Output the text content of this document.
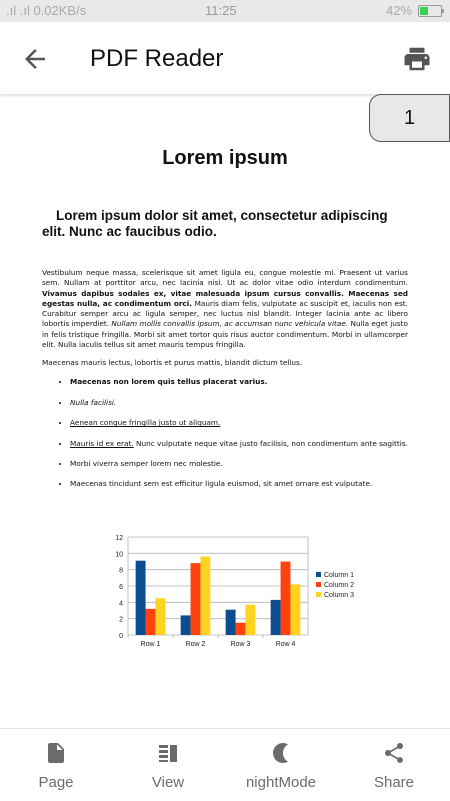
.ıl .ıl 0.02KB/s	11:25	42%
PDF Reader
1
Lorem ipsum
Lorem ipsum dolor sit amet, consectetur adipiscing elit. Nunc ac faucibus odio.
Vestibulum neque massa, scelerisque sit amet ligula eu, congue molestie mi. Praesent ut varius sem. Nullam at porttitor arcu, nec lacinia nisi. Ut ac dolor vitae odio interdum condimentum. Vivamus dapibus sodales ex, vitae malesuada ipsum cursus convallis. Maecenas sed egestas nulla, ac condimentum orci. Mauris diam felis, vulputate ac suscipit et, iaculis non est. Curabitur semper arcu ac ligula semper, nec luctus nisl blandit. Integer lacinia ante ac libero lobortis imperdiet. Nullam mollis convallis ipsum, ac accumsan nunc vehicula vitae. Nulla eget justo in felis tristique fringilla. Morbi sit amet tortor quis risus auctor condimentum. Morbi in ullamcorper elit. Nulla iaculis tellus sit amet mauris tempus fringilla.
Maecenas mauris lectus, lobortis et purus mattis, blandit dictum tellus.
• Maecenas non lorem quis tellus placerat varius.
• Nulla facilisi.
• Aenean congue fringilla justo ut aliquam.
• Mauris id ex erat. Nunc vulputate neque vitae justo facilisis, non condimentum ante sagittis.
• Morbi viverra semper lorem nec molestie.
• Maecenas tincidunt sem est efficitur ligula euismod, sit amet ornare est vulputate.
0
2
4
6
8
10
12
Row 1	Row 2	Row 3	Row 4
Column 1
Column 2
Column 3
Page	View	nightMode	Share
